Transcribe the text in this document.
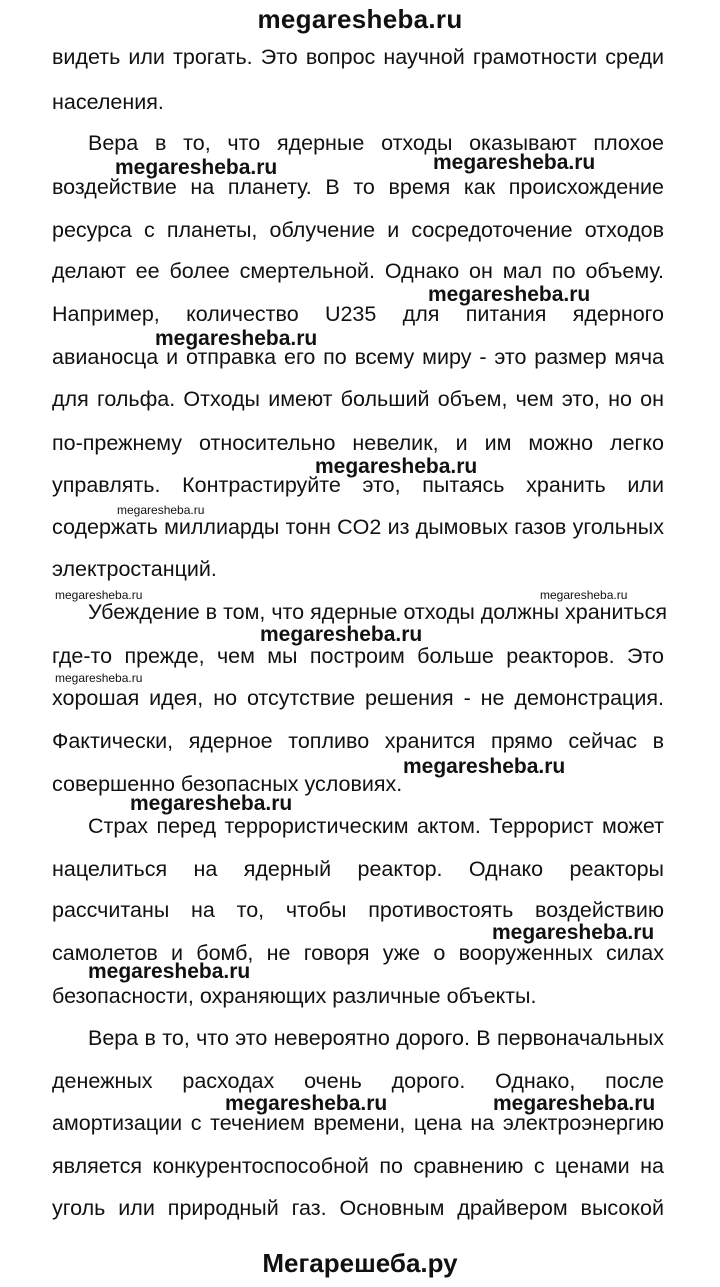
megaresheba.ru
видеть или трогать. Это вопрос научной грамотности среди
населения.
Вера в то, что ядерные отходы оказывают плохое
воздействие на планету. В то время как происхождение
ресурса с планеты, облучение и сосредоточение отходов
делают ее более смертельной. Однако он мал по объему.
Например, количество U235 для питания ядерного
авианосца и отправка его по всему миру - это размер мяча
для гольфа. Отходы имеют больший объем, чем это, но он
по-прежнему относительно невелик, и им можно легко
управлять. Контрастируйте это, пытаясь хранить или
содержать миллиарды тонн CO2 из дымовых газов угольных
электростанций.
Убеждение в том, что ядерные отходы должны храниться
где-то прежде, чем мы построим больше реакторов. Это
хорошая идея, но отсутствие решения - не демонстрация.
Фактически, ядерное топливо хранится прямо сейчас в
совершенно безопасных условиях.
Страх перед террористическим актом. Террорист может
нацелиться на ядерный реактор. Однако реакторы
рассчитаны на то, чтобы противостоять воздействию
самолетов и бомб, не говоря уже о вооруженных силах
безопасности, охраняющих различные объекты.
Вера в то, что это невероятно дорого. В первоначальных
денежных расходах очень дорого. Однако, после
амортизации с течением времени, цена на электроэнергию
является конкурентоспособной по сравнению с ценами на
уголь или природный газ. Основным драйвером высокой
megaresheba.ru	megaresheba.ru
megaresheba.ru
megaresheba.ru
megaresheba.ru
megaresheba.ru
megaresheba.ru	megaresheba.ru
megaresheba.ru
megaresheba.ru
megaresheba.ru
megaresheba.ru
megaresheba.ru
megaresheba.ru
megaresheba.ru	megaresheba.ru
Мегарешеба.ру
